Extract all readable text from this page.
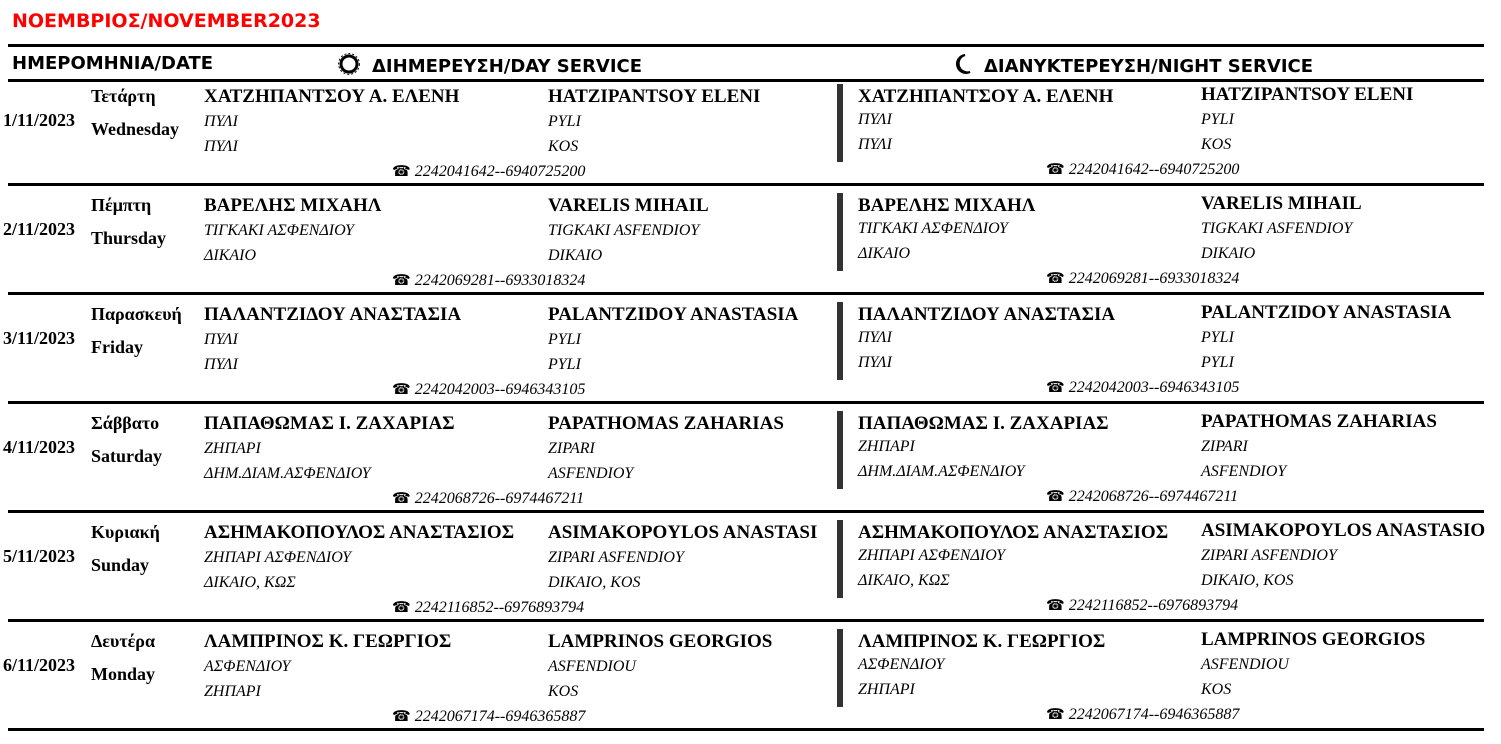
ΝΟΕΜΒΡΙΟΣ/NOVEMBER2023
ΗΜΕΡΟΜΗΝΙΑ/DATE	ΔΙΗΜΕΡΕΥΣΗ/DAY SERVICE	ΔΙΑΝΥΚΤΕΡΕΥΣΗ/NIGHT SERVICE
1/11/2023
Τετάρτη
Wednesday
ΧΑΤΖΗΠΑΝΤΣΟΥ Α. ΕΛΕΝΗ
ΠΥΛΙ
ΠΥΛΙ
HATZIPANTSOY ELENI
PYLI
KOS
☎ 2242041642--6940725200
ΧΑΤΖΗΠΑΝΤΣΟΥ Α. ΕΛΕΝΗ
ΠΥΛΙ
ΠΥΛΙ
HATZIPANTSOY ELENI
PYLI
KOS
☎ 2242041642--6940725200
2/11/2023
Πέμπτη
Thursday
ΒΑΡΕΛΗΣ ΜΙΧΑΗΛ
ΤΙΓΚΑΚΙ ΑΣΦΕΝΔΙΟΥ
ΔΙΚΑΙΟ
VARELIS MIHAIL
TIGKAKI ASFENDIOY
DIKAIO
☎ 2242069281--6933018324
ΒΑΡΕΛΗΣ ΜΙΧΑΗΛ
ΤΙΓΚΑΚΙ ΑΣΦΕΝΔΙΟΥ
ΔΙΚΑΙΟ
VARELIS MIHAIL
TIGKAKI ASFENDIOY
DIKAIO
☎ 2242069281--6933018324
3/11/2023
Παρασκευή
Friday
ΠΑΛΑΝΤΖΙΔΟΥ ΑΝΑΣΤΑΣΙΑ
ΠΥΛΙ
ΠΥΛΙ
PALANTZIDOY ANASTASIA
PYLI
PYLI
☎ 2242042003--6946343105
ΠΑΛΑΝΤΖΙΔΟΥ ΑΝΑΣΤΑΣΙΑ
ΠΥΛΙ
ΠΥΛΙ
PALANTZIDOY ANASTASIA
PYLI
PYLI
☎ 2242042003--6946343105
4/11/2023
Σάββατο
Saturday
ΠΑΠΑΘΩΜΑΣ Ι. ΖΑΧΑΡΙΑΣ
ΖΗΠΑΡΙ
ΔΗΜ.ΔΙΑΜ.ΑΣΦΕΝΔΙΟΥ
PAPATHOMAS ZAHARIAS
ZIPARI
ASFENDIOY
☎ 2242068726--6974467211
ΠΑΠΑΘΩΜΑΣ Ι. ΖΑΧΑΡΙΑΣ
ΖΗΠΑΡΙ
ΔΗΜ.ΔΙΑΜ.ΑΣΦΕΝΔΙΟΥ
PAPATHOMAS ZAHARIAS
ZIPARI
ASFENDIOY
☎ 2242068726--6974467211
5/11/2023
Κυριακή
Sunday
ΑΣΗΜΑΚΟΠΟΥΛΟΣ ΑΝΑΣΤΑΣΙΟΣ
ΖΗΠΑΡΙ ΑΣΦΕΝΔΙΟΥ
ΔΙΚΑΙΟ, ΚΩΣ
ASIMAKOPOYLOS ANASTASI
ZIPARI ASFENDIOY
DIKAIO, KOS
☎ 2242116852--6976893794
ΑΣΗΜΑΚΟΠΟΥΛΟΣ ΑΝΑΣΤΑΣΙΟΣ
ΖΗΠΑΡΙ ΑΣΦΕΝΔΙΟΥ
ΔΙΚΑΙΟ, ΚΩΣ
ASIMAKOPOYLOS ANASTASIO
ZIPARI ASFENDIOY
DIKAIO, KOS
☎ 2242116852--6976893794
6/11/2023
Δευτέρα
Monday
ΛΑΜΠΡΙΝΟΣ Κ. ΓΕΩΡΓΙΟΣ
ΑΣΦΕΝΔΙΟΥ
ΖΗΠΑΡΙ
LAMPRINOS GEORGIOS
ASFENDIOU
KOS
☎ 2242067174--6946365887
ΛΑΜΠΡΙΝΟΣ Κ. ΓΕΩΡΓΙΟΣ
ΑΣΦΕΝΔΙΟΥ
ΖΗΠΑΡΙ
LAMPRINOS GEORGIOS
ASFENDIOU
KOS
☎ 2242067174--6946365887
